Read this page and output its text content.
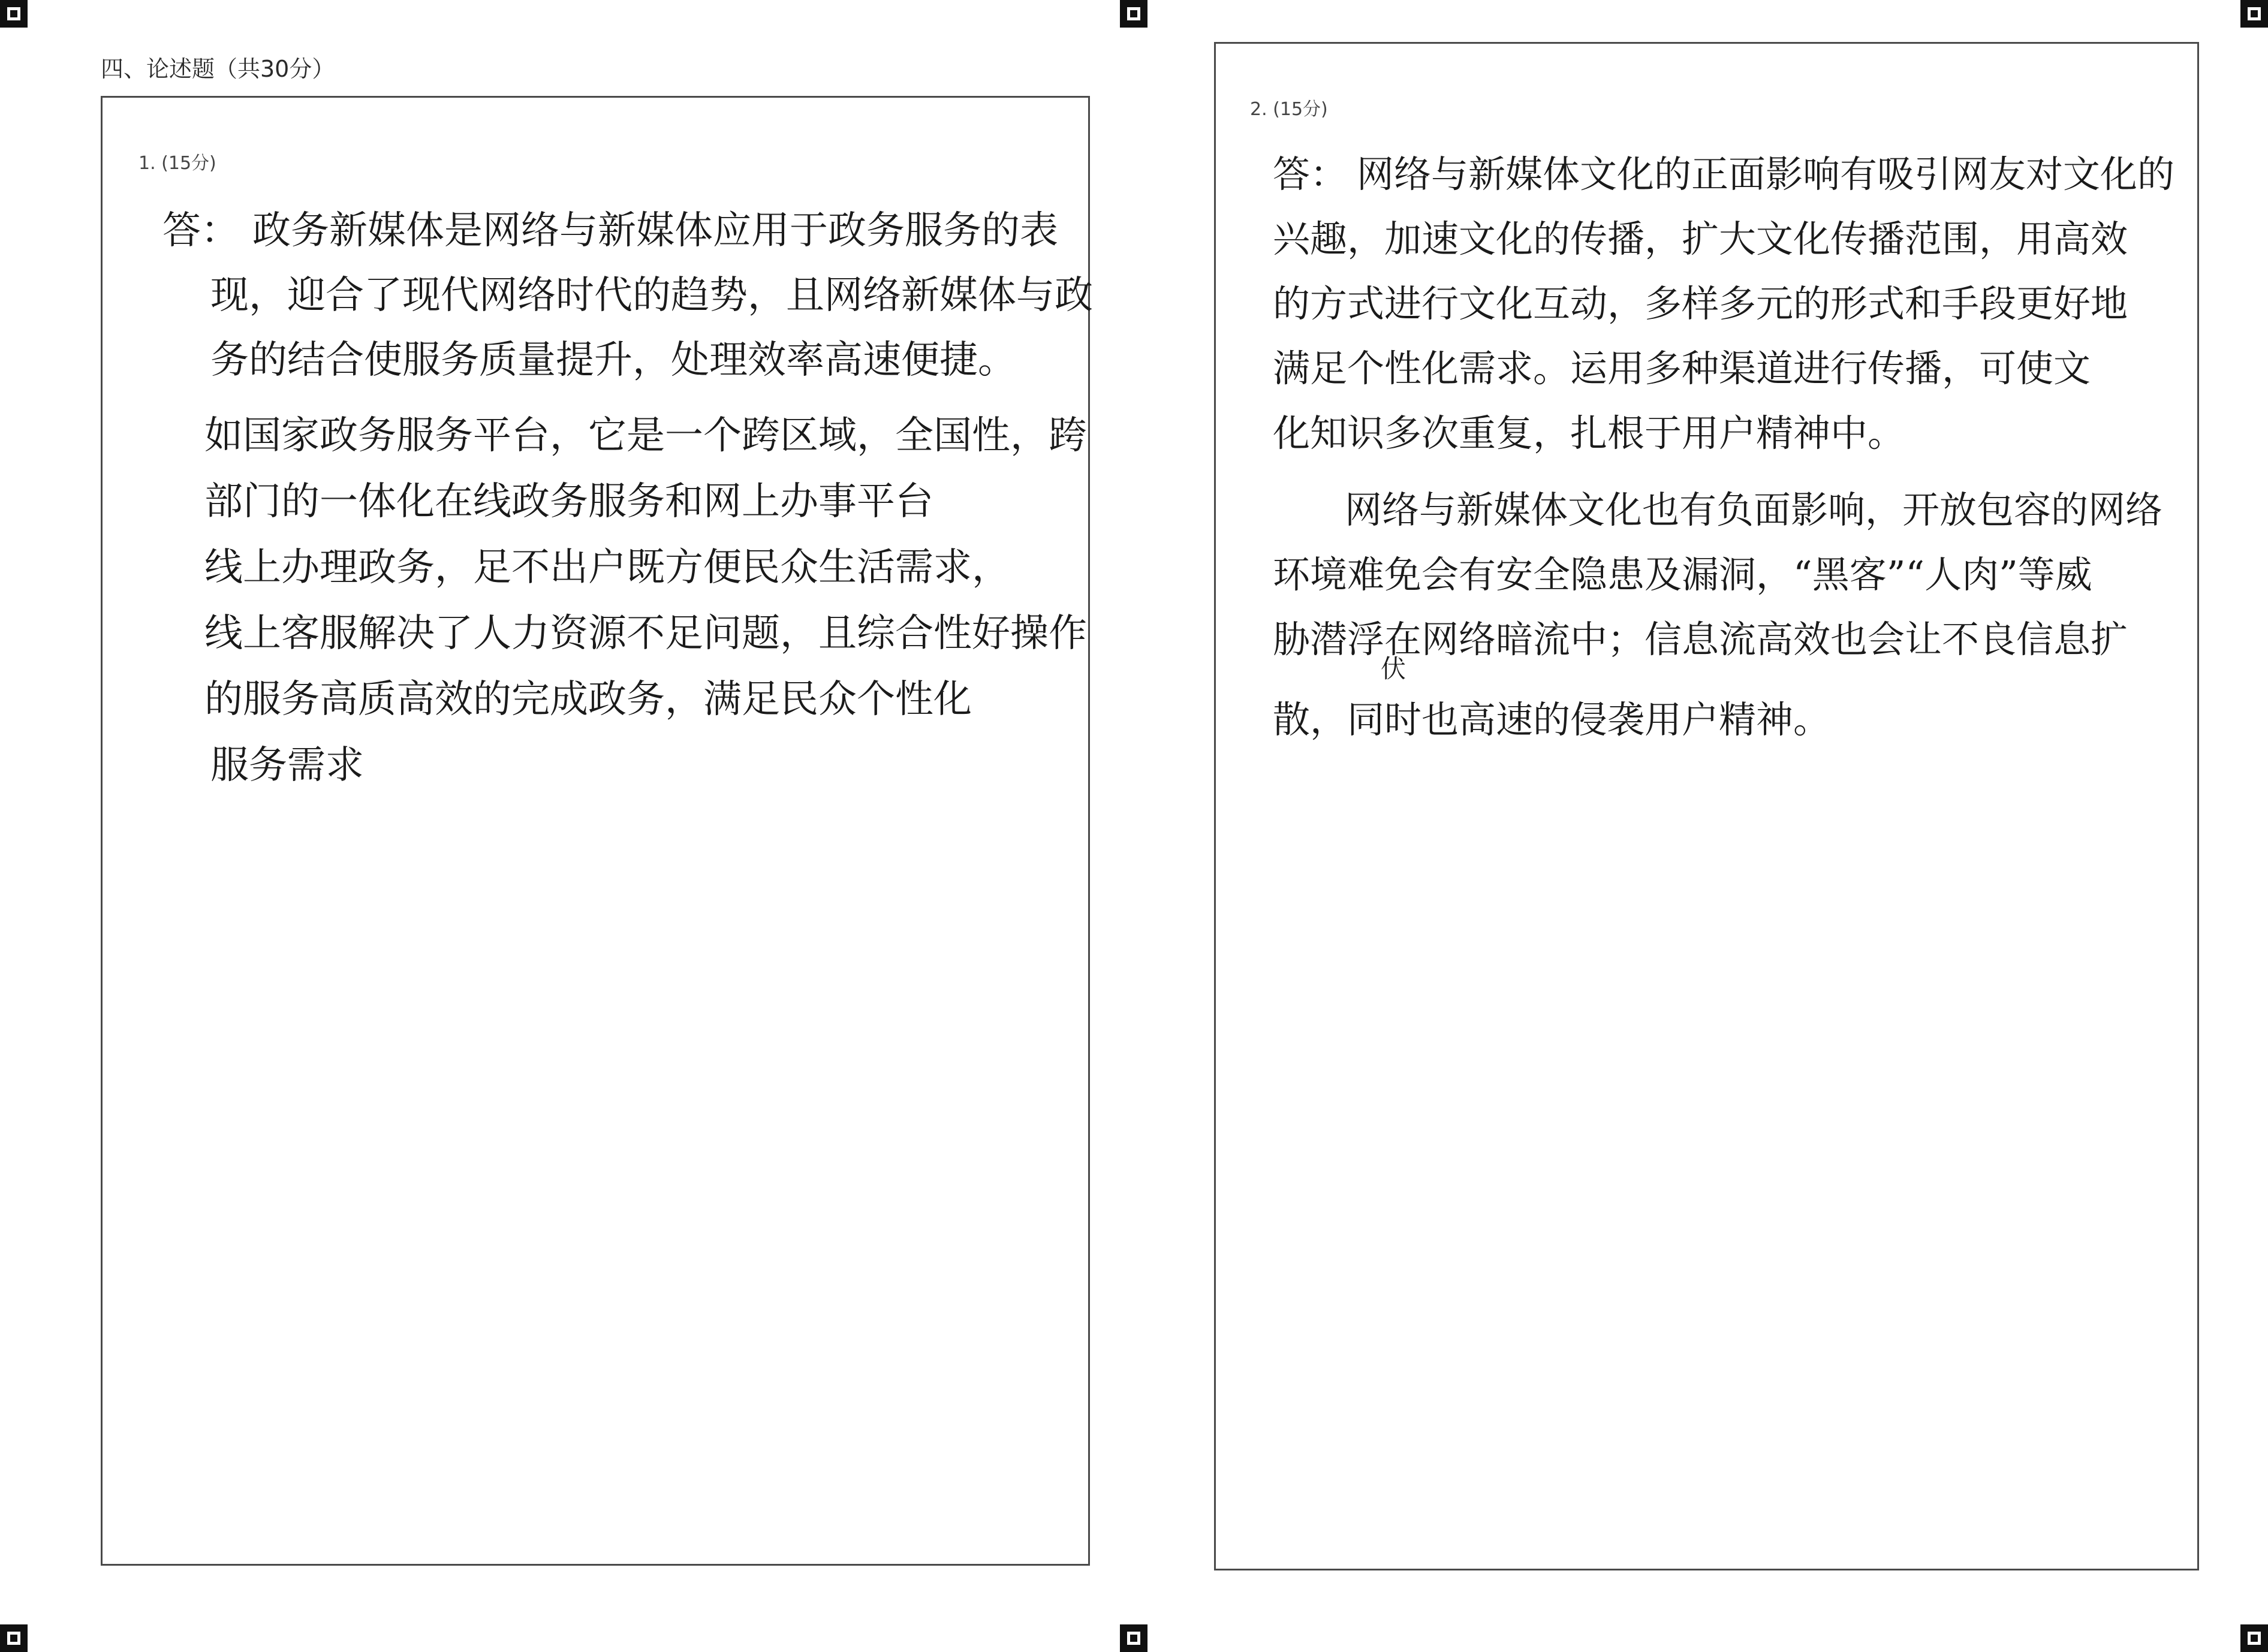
四、论述题（共30分）
1. (15分)
答： 政务新媒体是网络与新媒体应用于政务服务的表
现，迎合了现代网络时代的趋势，且网络新媒体与政
务的结合使服务质量提升，处理效率高速便捷。
如国家政务服务平台，它是一个跨区域，全国性，跨
部门的一体化在线政务服务和网上办事平台
线上办理政务，足不出户既方便民众生活需求，
线上客服解决了人力资源不足问题，且综合性好操作
的服务高质高效的完成政务，满足民众个性化
服务需求
2. (15分)
答： 网络与新媒体文化的正面影响有吸引网友对文化的
兴趣，加速文化的传播，扩大文化传播范围，用高效
的方式进行文化互动，多样多元的形式和手段更好地
满足个性化需求。运用多种渠道进行传播，可使文
化知识多次重复，扎根于用户精神中。
网络与新媒体文化也有负面影响，开放包容的网络
环境难免会有安全隐患及漏洞，“黑客”“人肉”等威
胁潜浮在网络暗流中；信息流高效也会让不良信息扩
散，同时也高速的侵袭用户精神。
伏
